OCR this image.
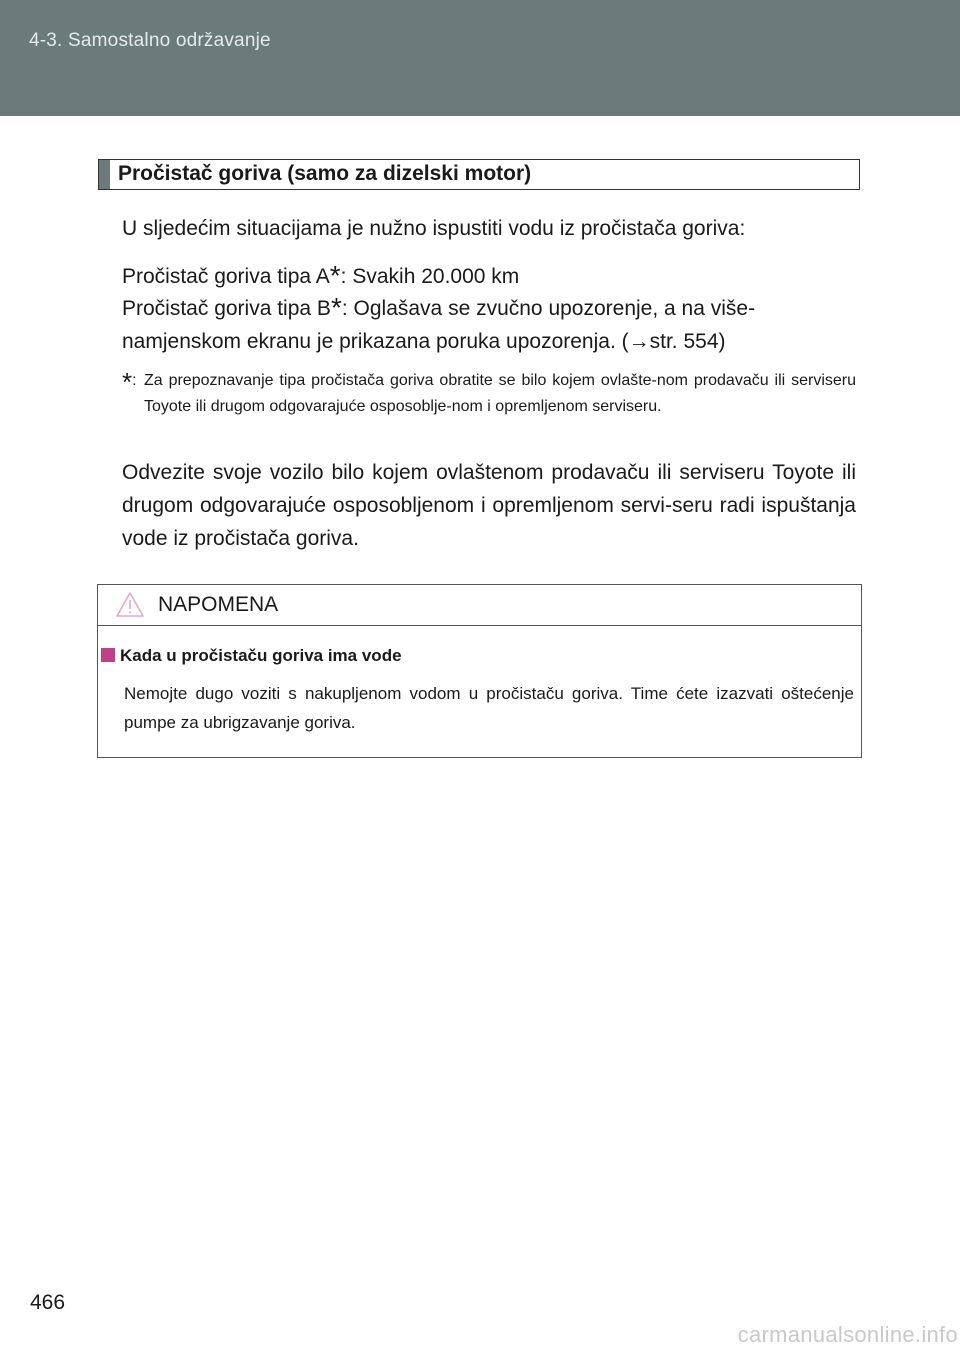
4-3. Samostalno održavanje
Pročistač goriva (samo za dizelski motor)
U sljedećim situacijama je nužno ispustiti vodu iz pročistača goriva:
Pročistač goriva tipa A*: Svakih 20.000 km
Pročistač goriva tipa B*: Oglašava se zvučno upozorenje, a na više-
namjenskom ekranu je prikazana poruka upozorenja. (→str. 554)
*: Za prepoznavanje tipa pročistača goriva obratite se bilo kojem ovlašte-nom prodavaču ili serviseru Toyote ili drugom odgovarajuće osposoblje-nom i opremljenom serviseru.
Odvezite svoje vozilo bilo kojem ovlaštenom prodavaču ili serviseru Toyote ili drugom odgovarajuće osposobljenom i opremljenom servi-seru radi ispuštanja vode iz pročistača goriva.
NAPOMENA
Kada u pročistaču goriva ima vode
Nemojte dugo voziti s nakupljenom vodom u pročistaču goriva. Time ćete izazvati oštećenje pumpe za ubrigzavanje goriva.
466
carmanualsonline.info
